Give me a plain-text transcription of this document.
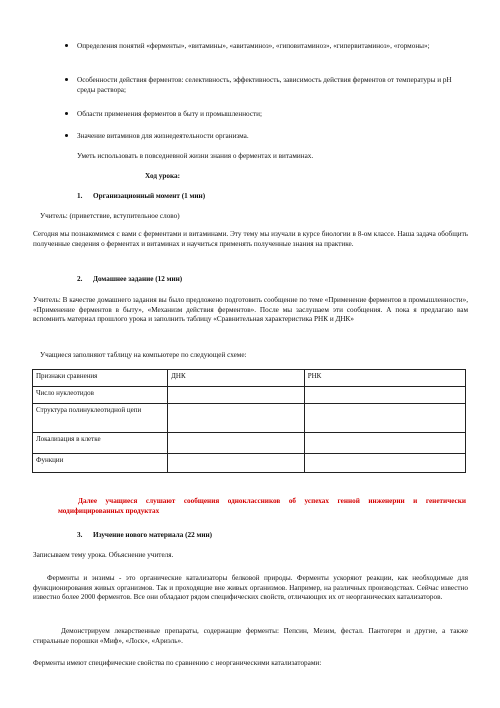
Определения понятий «ферменты», «витамины», «авитаминоз», «гиповитаминоз», «гипервитаминоз», «гормоны»;
Особенности действия ферментов: селективность, эффективность, зависимость действия ферментов от температуры и рН среды раствора;
Области применения ферментов в быту и промышленности;
Значение витаминов для жизнедеятельности организма.
Уметь использовать в повседневной жизни знания о ферментах и витаминах.
Ход урока:
1.	Организационный момент (1 мин)
Учитель: (приветствие, вступительное слово)
Сегодня мы познакомимся с вами с ферментами и витаминами. Эту тему мы изучали в курсе биологии в 8-ом классе. Наша задача обобщить полученные сведения о ферментах и витаминах и научиться применять полученные знания на практике.
2.	Домашнее задание (12 мин)
Учитель: В качестве домашнего задания вы было предложено подготовить сообщение по теме «Применение ферментов в промышленности», «Применение ферментов в быту», «Механизм действия ферментов». После мы заслушаем эти сообщения. А пока я предлагаю вам вспомнить материал прошлого урока и заполнить таблицу «Сравнительная характеристика РНК и ДНК»
Учащиеся заполняют таблицу на компьютере по следующей схеме:
Признаки сравнения	ДНК	РНК
Число нуклеотидов		
Структура полинуклеотидной цепи		
Локализация в клетке		
Функции		
Далее учащиеся слушают сообщения одноклассников об успехах генной инженерии и генетически модифицированных продуктах
3.	Изучение нового материала (22 мин)
Записываем тему урока. Объяснение учителя.
Ферменты и энзимы - это органические катализаторы белковой природы. Ферменты ускоряют реакции, как необходимые для функционирования живых организмов. Так и проходящие вне живых организмов. Например, на различных производствах. Сейчас известно известно более 2000 ферментов. Все они обладают рядом специфических свойств, отличающих их от неорганических катализаторов.
Демонстрируем лекарственные препараты, содержащие ферменты: Пепсин, Мезим, фестал. Пантогерм и другие, а также стиральные порошки «Миф», «Лоск», «Ариэль».
Ферменты имеют специфические свойства по сравнению с неорганическими катализаторами:
